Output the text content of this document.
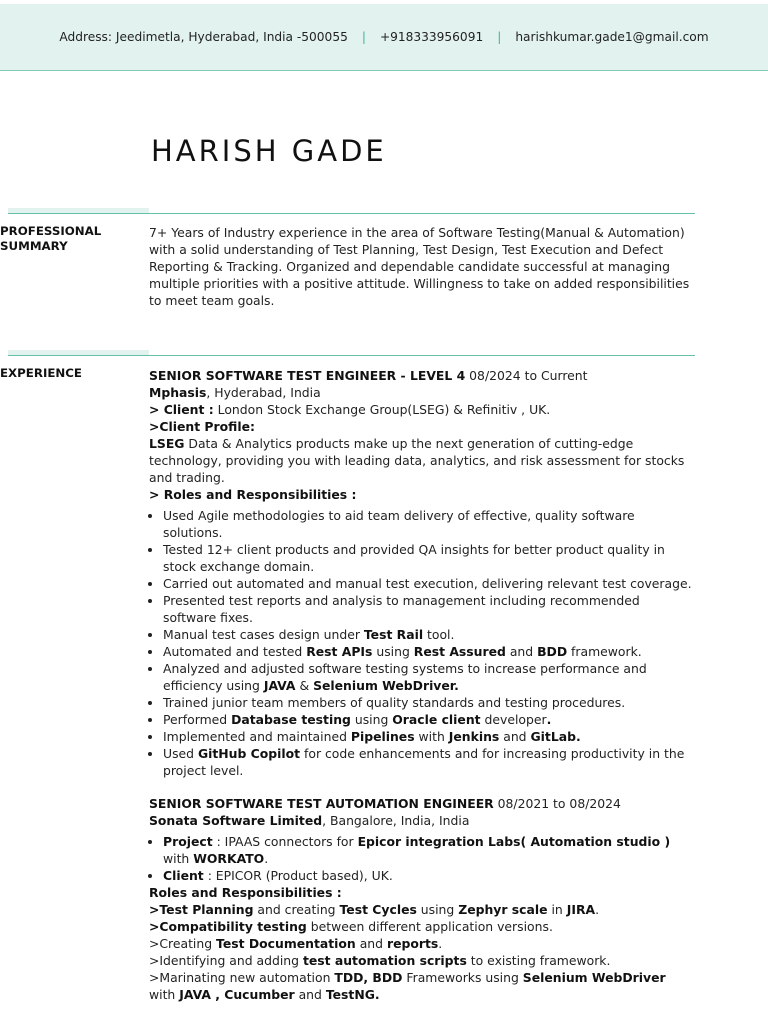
Address: Jeedimetla, Hyderabad, India -500055 | +918333956091 | harishkumar.gade1@gmail.com
HARISH GADE
PROFESSIONAL SUMMARY

7+ Years of Industry experience in the area of Software Testing(Manual & Automation) with a solid understanding of Test Planning, Test Design, Test Execution and Defect Reporting & Tracking. Organized and dependable candidate successful at managing multiple priorities with a positive attitude. Willingness to take on added responsibilities to meet team goals.

EXPERIENCE	SENIOR SOFTWARE TEST ENGINEER - LEVEL 4 08/2024 to Current

Mphasis, Hyderabad, India

> Client : London Stock Exchange Group(LSEG) & Refinitiv , UK.

>Client Profile:

LSEG Data & Analytics products make up the next generation of cutting-edge technology, providing you with leading data, analytics, and risk assessment for stocks and trading.

> Roles and Responsibilities :

• Used Agile methodologies to aid team delivery of effective, quality software solutions.
• Tested 12+ client products and provided QA insights for better product quality in stock exchange domain.
• Carried out automated and manual test execution, delivering relevant test coverage.
• Presented test reports and analysis to management including recommended software fixes.
• Manual test cases design under Test Rail tool.
• Automated and tested Rest APIs using Rest Assured and BDD framework.
• Analyzed and adjusted software testing systems to increase performance and efficiency using JAVA & Selenium WebDriver.
• Trained junior team members of quality standards and testing procedures.
• Performed Database testing using Oracle client developer.
• Implemented and maintained Pipelines with Jenkins and GitLab.
• Used GitHub Copilot for code enhancements and for increasing productivity in the project level.

SENIOR SOFTWARE TEST AUTOMATION ENGINEER 08/2021 to 08/2024

Sonata Software Limited, Bangalore, India, India

• Project : IPAAS connectors for Epicor integration Labs( Automation studio ) with WORKATO.
• Client : EPICOR (Product based), UK.

Roles and Responsibilities :

>Test Planning and creating Test Cycles using Zephyr scale in JIRA.

>Compatibility testing between different application versions.

>Creating Test Documentation and reports.

>Identifying and adding test automation scripts to existing framework.

>Marinating new automation TDD, BDD Frameworks using Selenium WebDriver with JAVA , Cucumber and TestNG.
